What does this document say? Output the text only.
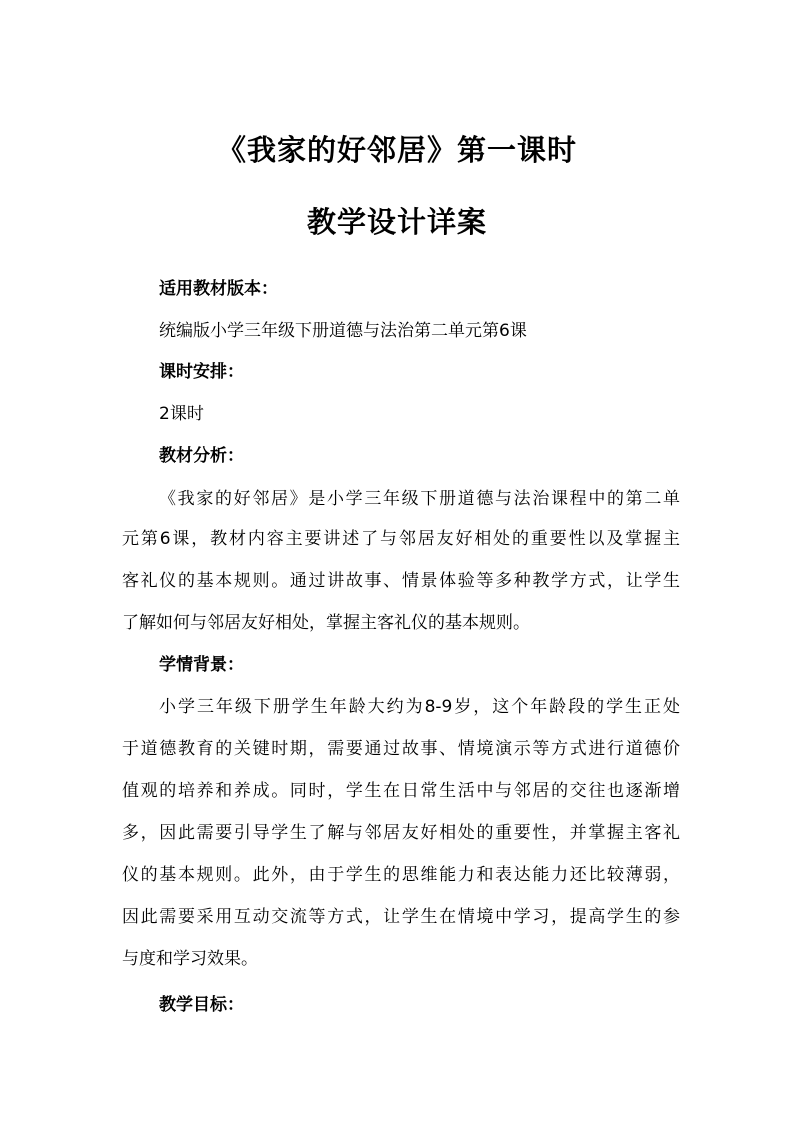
《我家的好邻居》第一课时
教学设计详案
适用教材版本：
统编版小学三年级下册道德与法治第二单元第6课
课时安排：
2课时
教材分析：
《我家的好邻居》是小学三年级下册道德与法治课程中的第二单
元第6课，教材内容主要讲述了与邻居友好相处的重要性以及掌握主
客礼仪的基本规则。通过讲故事、情景体验等多种教学方式，让学生
了解如何与邻居友好相处，掌握主客礼仪的基本规则。
学情背景：
小学三年级下册学生年龄大约为8-9岁，这个年龄段的学生正处
于道德教育的关键时期，需要通过故事、情境演示等方式进行道德价
值观的培养和养成。同时，学生在日常生活中与邻居的交往也逐渐增
多，因此需要引导学生了解与邻居友好相处的重要性，并掌握主客礼
仪的基本规则。此外，由于学生的思维能力和表达能力还比较薄弱，
因此需要采用互动交流等方式，让学生在情境中学习，提高学生的参
与度和学习效果。
教学目标：
